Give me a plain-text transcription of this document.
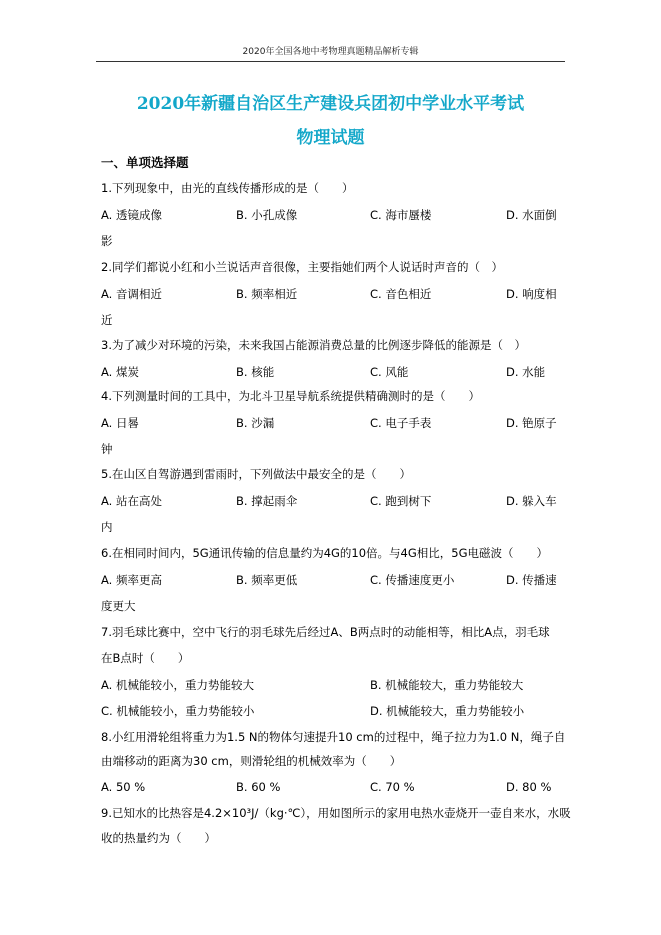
2020年全国各地中考物理真题精品解析专辑
2020年新疆自治区生产建设兵团初中学业水平考试
物理试题
一、单项选择题
1.下列现象中，由光的直线传播形成的是（　　）
A. 透镜成像	B. 小孔成像	C. 海市蜃楼	D. 水面倒
影
2.同学们都说小红和小兰说话声音很像，主要指她们两个人说话时声音的（　）
A. 音调相近	B. 频率相近	C. 音色相近	D. 响度相
近
3.为了减少对环境的污染，未来我国占能源消费总量的比例逐步降低的能源是（　）
A. 煤炭	B. 核能	C. 风能	D. 水能
4.下列测量时间的工具中，为北斗卫星导航系统提供精确测时的是（　　）
A. 日晷	B. 沙漏	C. 电子手表	D. 铯原子
钟
5.在山区自驾游遇到雷雨时，下列做法中最安全的是（　　）
A. 站在高处	B. 撑起雨伞	C. 跑到树下	D. 躲入车
内
6.在相同时间内，5G通讯传输的信息量约为4G的10倍。与4G相比，5G电磁波（　　）
A. 频率更高	B. 频率更低	C. 传播速度更小	D. 传播速
度更大
7.羽毛球比赛中，空中飞行的羽毛球先后经过A、B两点时的动能相等，相比A点，羽毛球
在B点时（　　）
A. 机械能较小，重力势能较大	B. 机械能较大，重力势能较大
C. 机械能较小，重力势能较小	D. 机械能较大，重力势能较小
8.小红用滑轮组将重力为1.5 N的物体匀速提升10 cm的过程中，绳子拉力为1.0 N，绳子自
由端移动的距离为30 cm，则滑轮组的机械效率为（　　）
A. 50 %	B. 60 %	C. 70 %	D. 80 %
9.已知水的比热容是4.2×10³J/（kg·℃），用如图所示的家用电热水壶烧开一壶自来水，水吸
收的热量约为（　　）
